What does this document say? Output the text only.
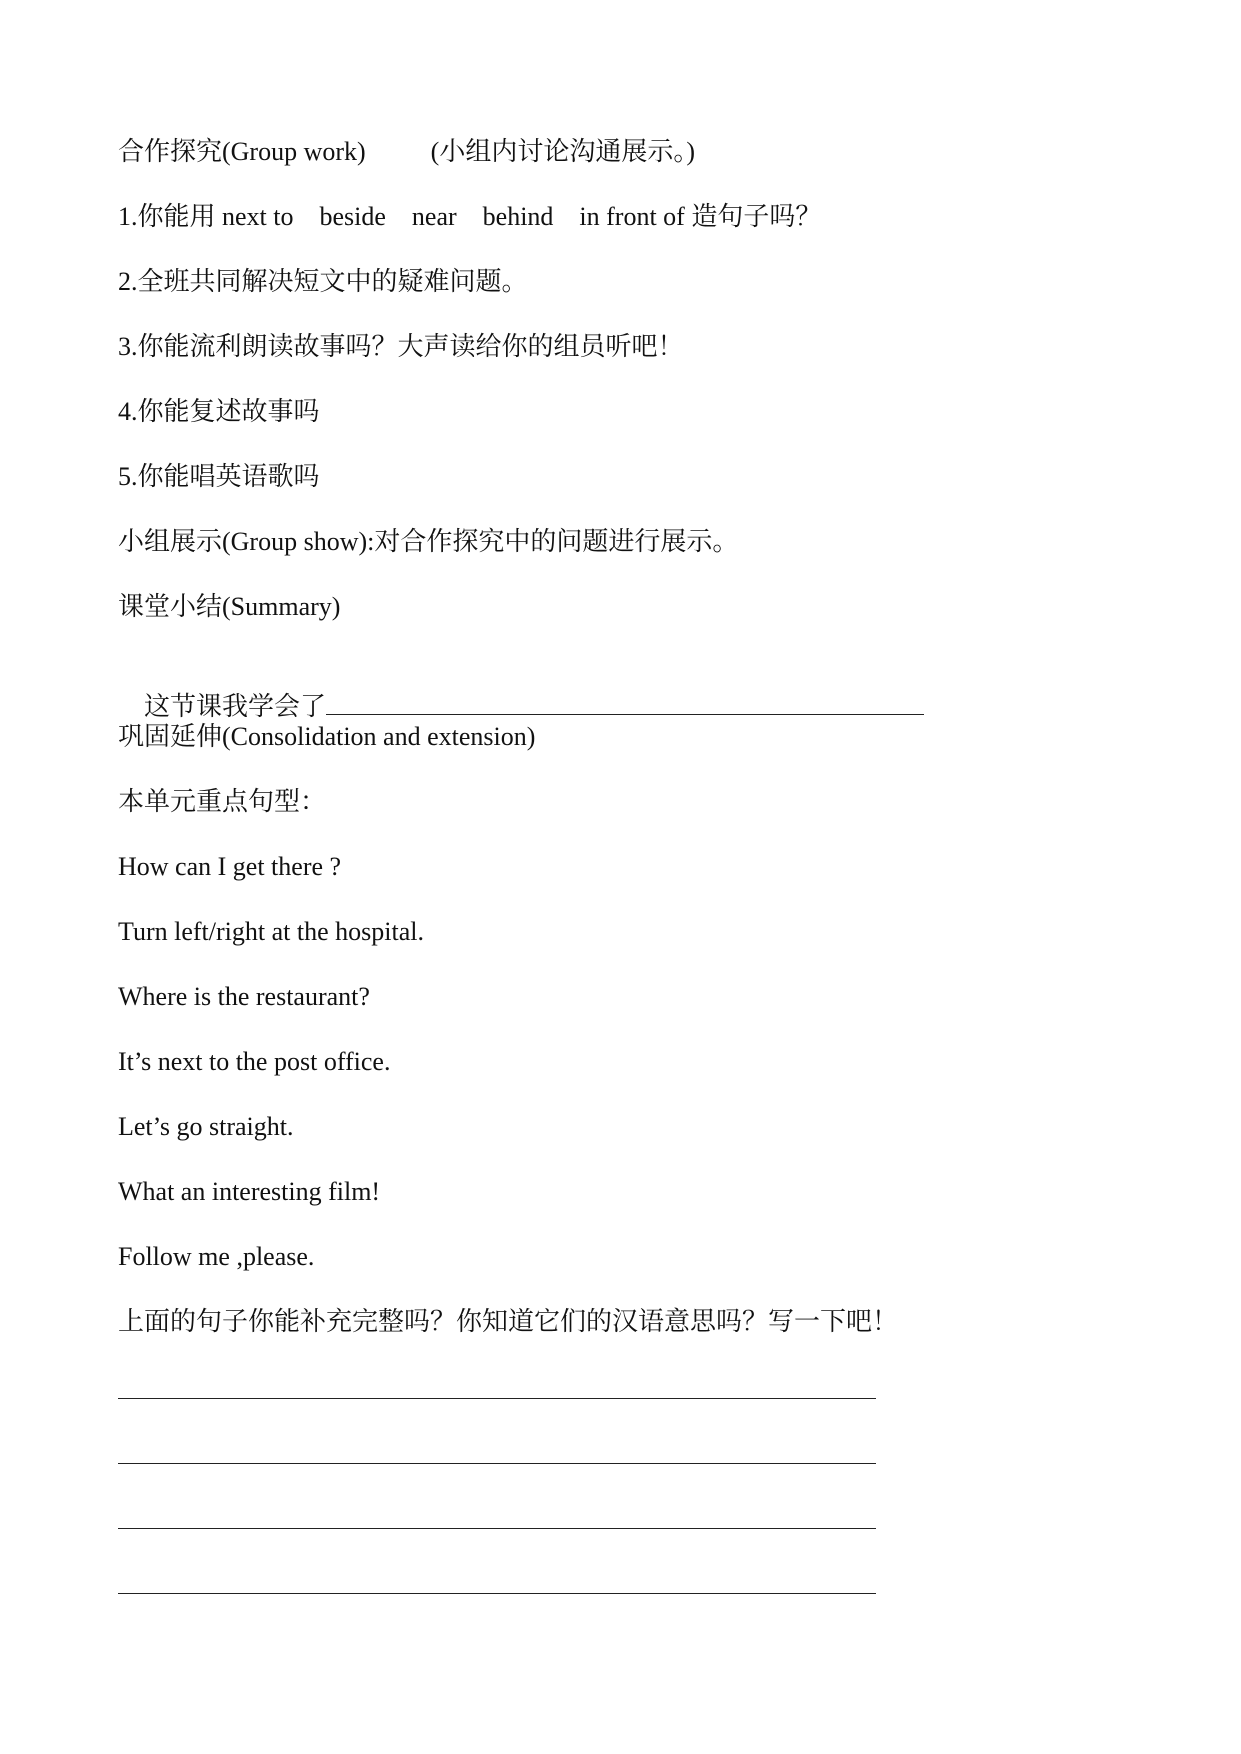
合作探究(Group work)          (小组内讨论沟通展示。)
1.你能用 next to    beside    near    behind    in front of 造句子吗？
2.全班共同解决短文中的疑难问题。
3.你能流利朗读故事吗？大声读给你的组员听吧！
4.你能复述故事吗
5.你能唱英语歌吗
小组展示(Group show):对合作探究中的问题进行展示。
课堂小结(Summary)

这节课我学会了

巩固延伸(Consolidation and extension)
本单元重点句型：
How can I get there ?
Turn left/right at the hospital.
Where is the restaurant?
It’s next to the post office.
Let’s go straight.
What an interesting film!
Follow me ,please.
上面的句子你能补充完整吗？你知道它们的汉语意思吗？写一下吧！
